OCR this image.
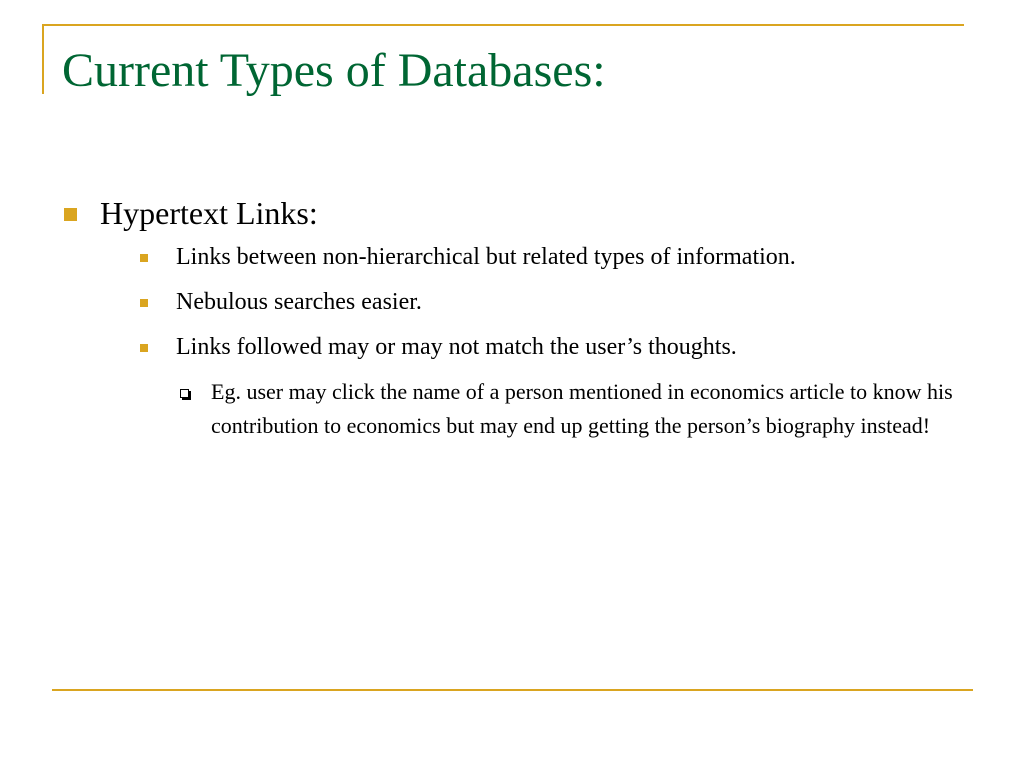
Current Types of Databases:
Hypertext Links:
Links between non-hierarchical but related types of information.
Nebulous searches easier.
Links followed may or may not match the user’s thoughts.
Eg. user may click the name of a person mentioned in economics article to know his contribution to economics but may end up getting the person’s biography instead!
